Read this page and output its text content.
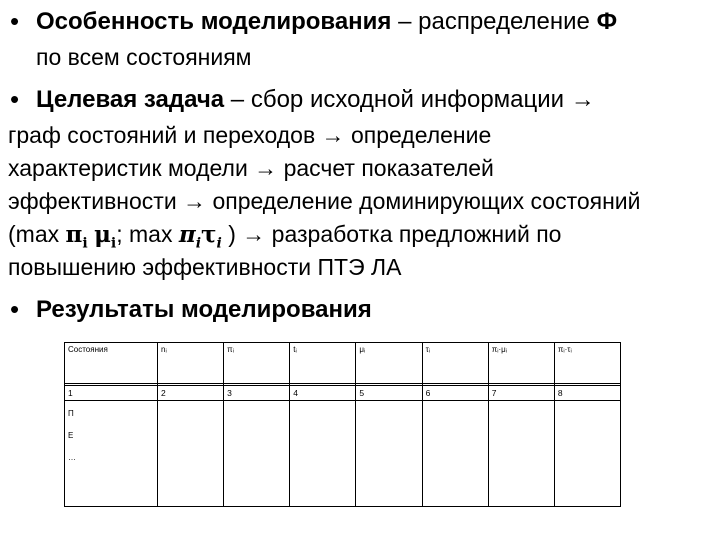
• Особенность моделирования – распределение Ф
по всем состояниям
• Целевая задача – сбор исходной информации →
граф состояний и переходов → определение
характеристик модели → расчет показателей
эффективности → определение доминирующих состояний
(max $\pi_i$ $\mu_i$; $\max \pi_i\tau_i$ ) → разработка предложний по
повышению эффективности ПТЭ ЛА
• Результаты моделирования
Состояния	nᵢ	πᵢ	tᵢ	μᵢ	τᵢ	πᵢ·μᵢ	πᵢ·τᵢ

1	2	3	4	5	6	7	8

П
Е
…							
